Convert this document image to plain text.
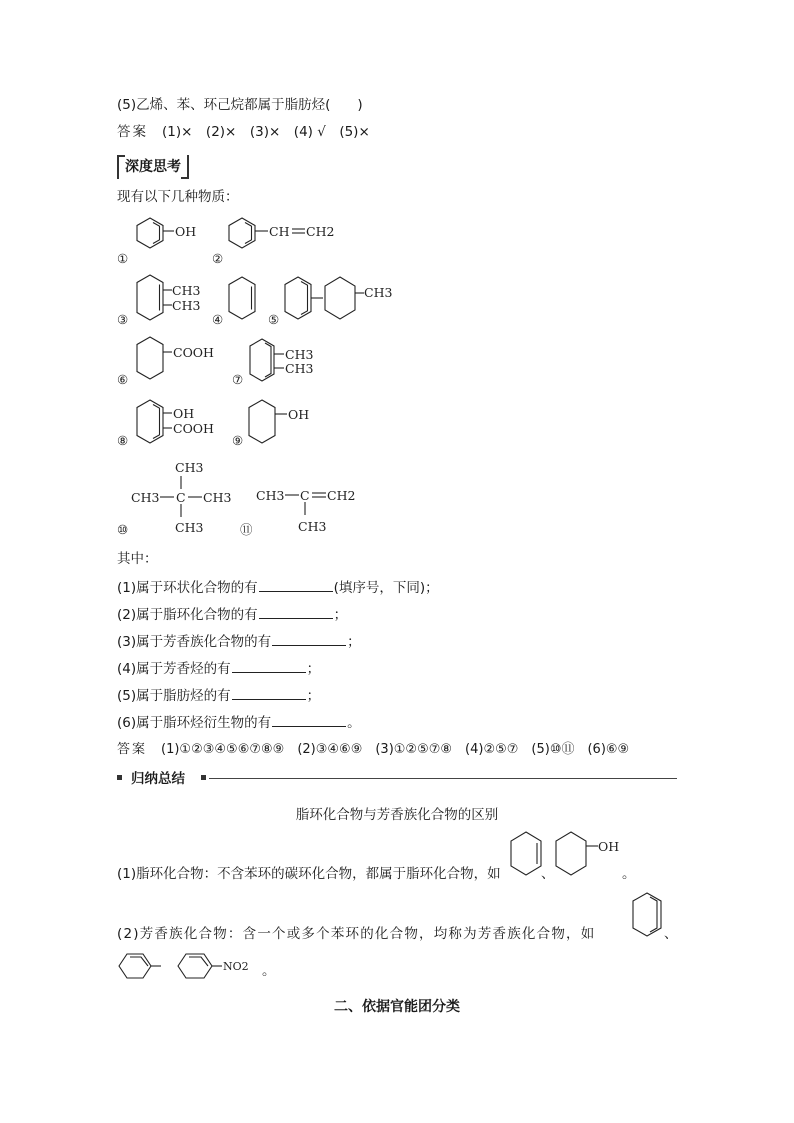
(5)乙烯、苯、环己烷都属于脂肪烃(　　)
答案 (1)×　(2)×　(3)×　(4) √　(5)×
深度思考
现有以下几种物质：
①
OH
②
CH CH2
③
CH3
CH3
④	⑤
CH3
⑥
COOH
⑦
CH3
CH3
⑧
OH
COOH
⑨
OH
⑩
CH3
CH3 C CH3
CH3	⑪
CH3 C CH2
CH3
其中：
(1)属于环状化合物的有	(填序号，下同)；
(2)属于脂环化合物的有	；
(3)属于芳香族化合物的有	；
(4)属于芳香烃的有	；
(5)属于脂肪烃的有	；
(6)属于脂环烃衍生物的有	。
答案 (1)①②③④⑤⑥⑦⑧⑨　(2)③④⑥⑨　(3)①②⑤⑦⑧　(4)②⑤⑦　(5)⑩⑪　(6)⑥⑨
归纳总结
脂环化合物与芳香族化合物的区别
(1)脂环化合物：不含苯环的碳环化合物，都属于脂环化合物，如	、	。
(2)芳香族化合物：含一个或多个苯环的化合物，均称为芳香族化合物，如	、
。
OH
NO2
二、依据官能团分类
